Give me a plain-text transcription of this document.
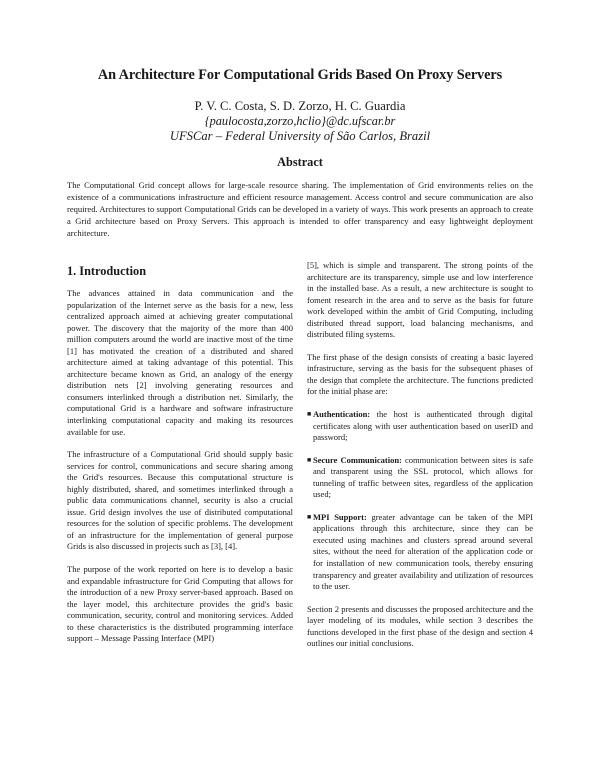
An Architecture For Computational Grids Based On Proxy Servers
P. V. C. Costa, S. D. Zorzo, H. C. Guardia
{paulocosta,zorzo,hclio}@dc.ufscar.br
UFSCar – Federal University of São Carlos, Brazil
Abstract
The Computational Grid concept allows for large-scale resource sharing. The implementation of Grid environments relies on the existence of a communications infrastructure and efficient resource management. Access control and secure communication are also required. Architectures to support Computational Grids can be developed in a variety of ways. This work presents an approach to create a Grid architecture based on Proxy Servers. This approach is intended to offer transparency and easy lightweight deployment architecture.
1. Introduction

The advances attained in data communication and the popularization of the Internet serve as the basis for a new, less centralized approach aimed at achieving greater computational power. The discovery that the majority of the more than 400 million computers around the world are inactive most of the time [1] has motivated the creation of a distributed and shared architecture aimed at taking advantage of this potential. This architecture became known as Grid, an analogy of the energy distribution nets [2] involving generating resources and consumers interlinked through a distribution net. Similarly, the computational Grid is a hardware and software infrastructure interlinking computational capacity and making its resources available for use.

The infrastructure of a Computational Grid should supply basic services for control, communications and secure sharing among the Grid's resources. Because this computational structure is highly distributed, shared, and sometimes interlinked through a public data communications channel, security is also a crucial issue. Grid design involves the use of distributed computational resources for the solution of specific problems. The development of an infrastructure for the implementation of general purpose Grids is also discussed in projects such as [3], [4].

The purpose of the work reported on here is to develop a basic and expandable infrastructure for Grid Computing that allows for the introduction of a new Proxy server-based approach. Based on the layer model, this architecture provides the grid's basic communication, security, control and monitoring services. Added to these characteristics is the distributed programming interface support – Message Passing Interface (MPI)

[5], which is simple and transparent. The strong points of the architecture are its transparency, simple use and low interference in the installed base. As a result, a new architecture is sought to foment research in the area and to serve as the basis for future work developed within the ambit of Grid Computing, including distributed thread support, load balancing mechanisms, and distributed filing systems.

The first phase of the design consists of creating a basic layered infrastructure, serving as the basis for the subsequent phases of the design that complete the architecture. The functions predicted for the initial phase are:

■ Authentication: the host is authenticated through digital certificates along with user authentication based on userID and password;
■ Secure Communication: communication between sites is safe and transparent using the SSL protocol, which allows for tunneling of traffic between sites, regardless of the application used;
■ MPI Support: greater advantage can be taken of the MPI applications through this architecture, since they can be executed using machines and clusters spread around several sites, without the need for alteration of the application code or for installation of new communication tools, thereby ensuring transparency and greater availability and utilization of resources to the user.

Section 2 presents and discusses the proposed architecture and the layer modeling of its modules, while section 3 describes the functions developed in the first phase of the design and section 4 outlines our initial conclusions.
